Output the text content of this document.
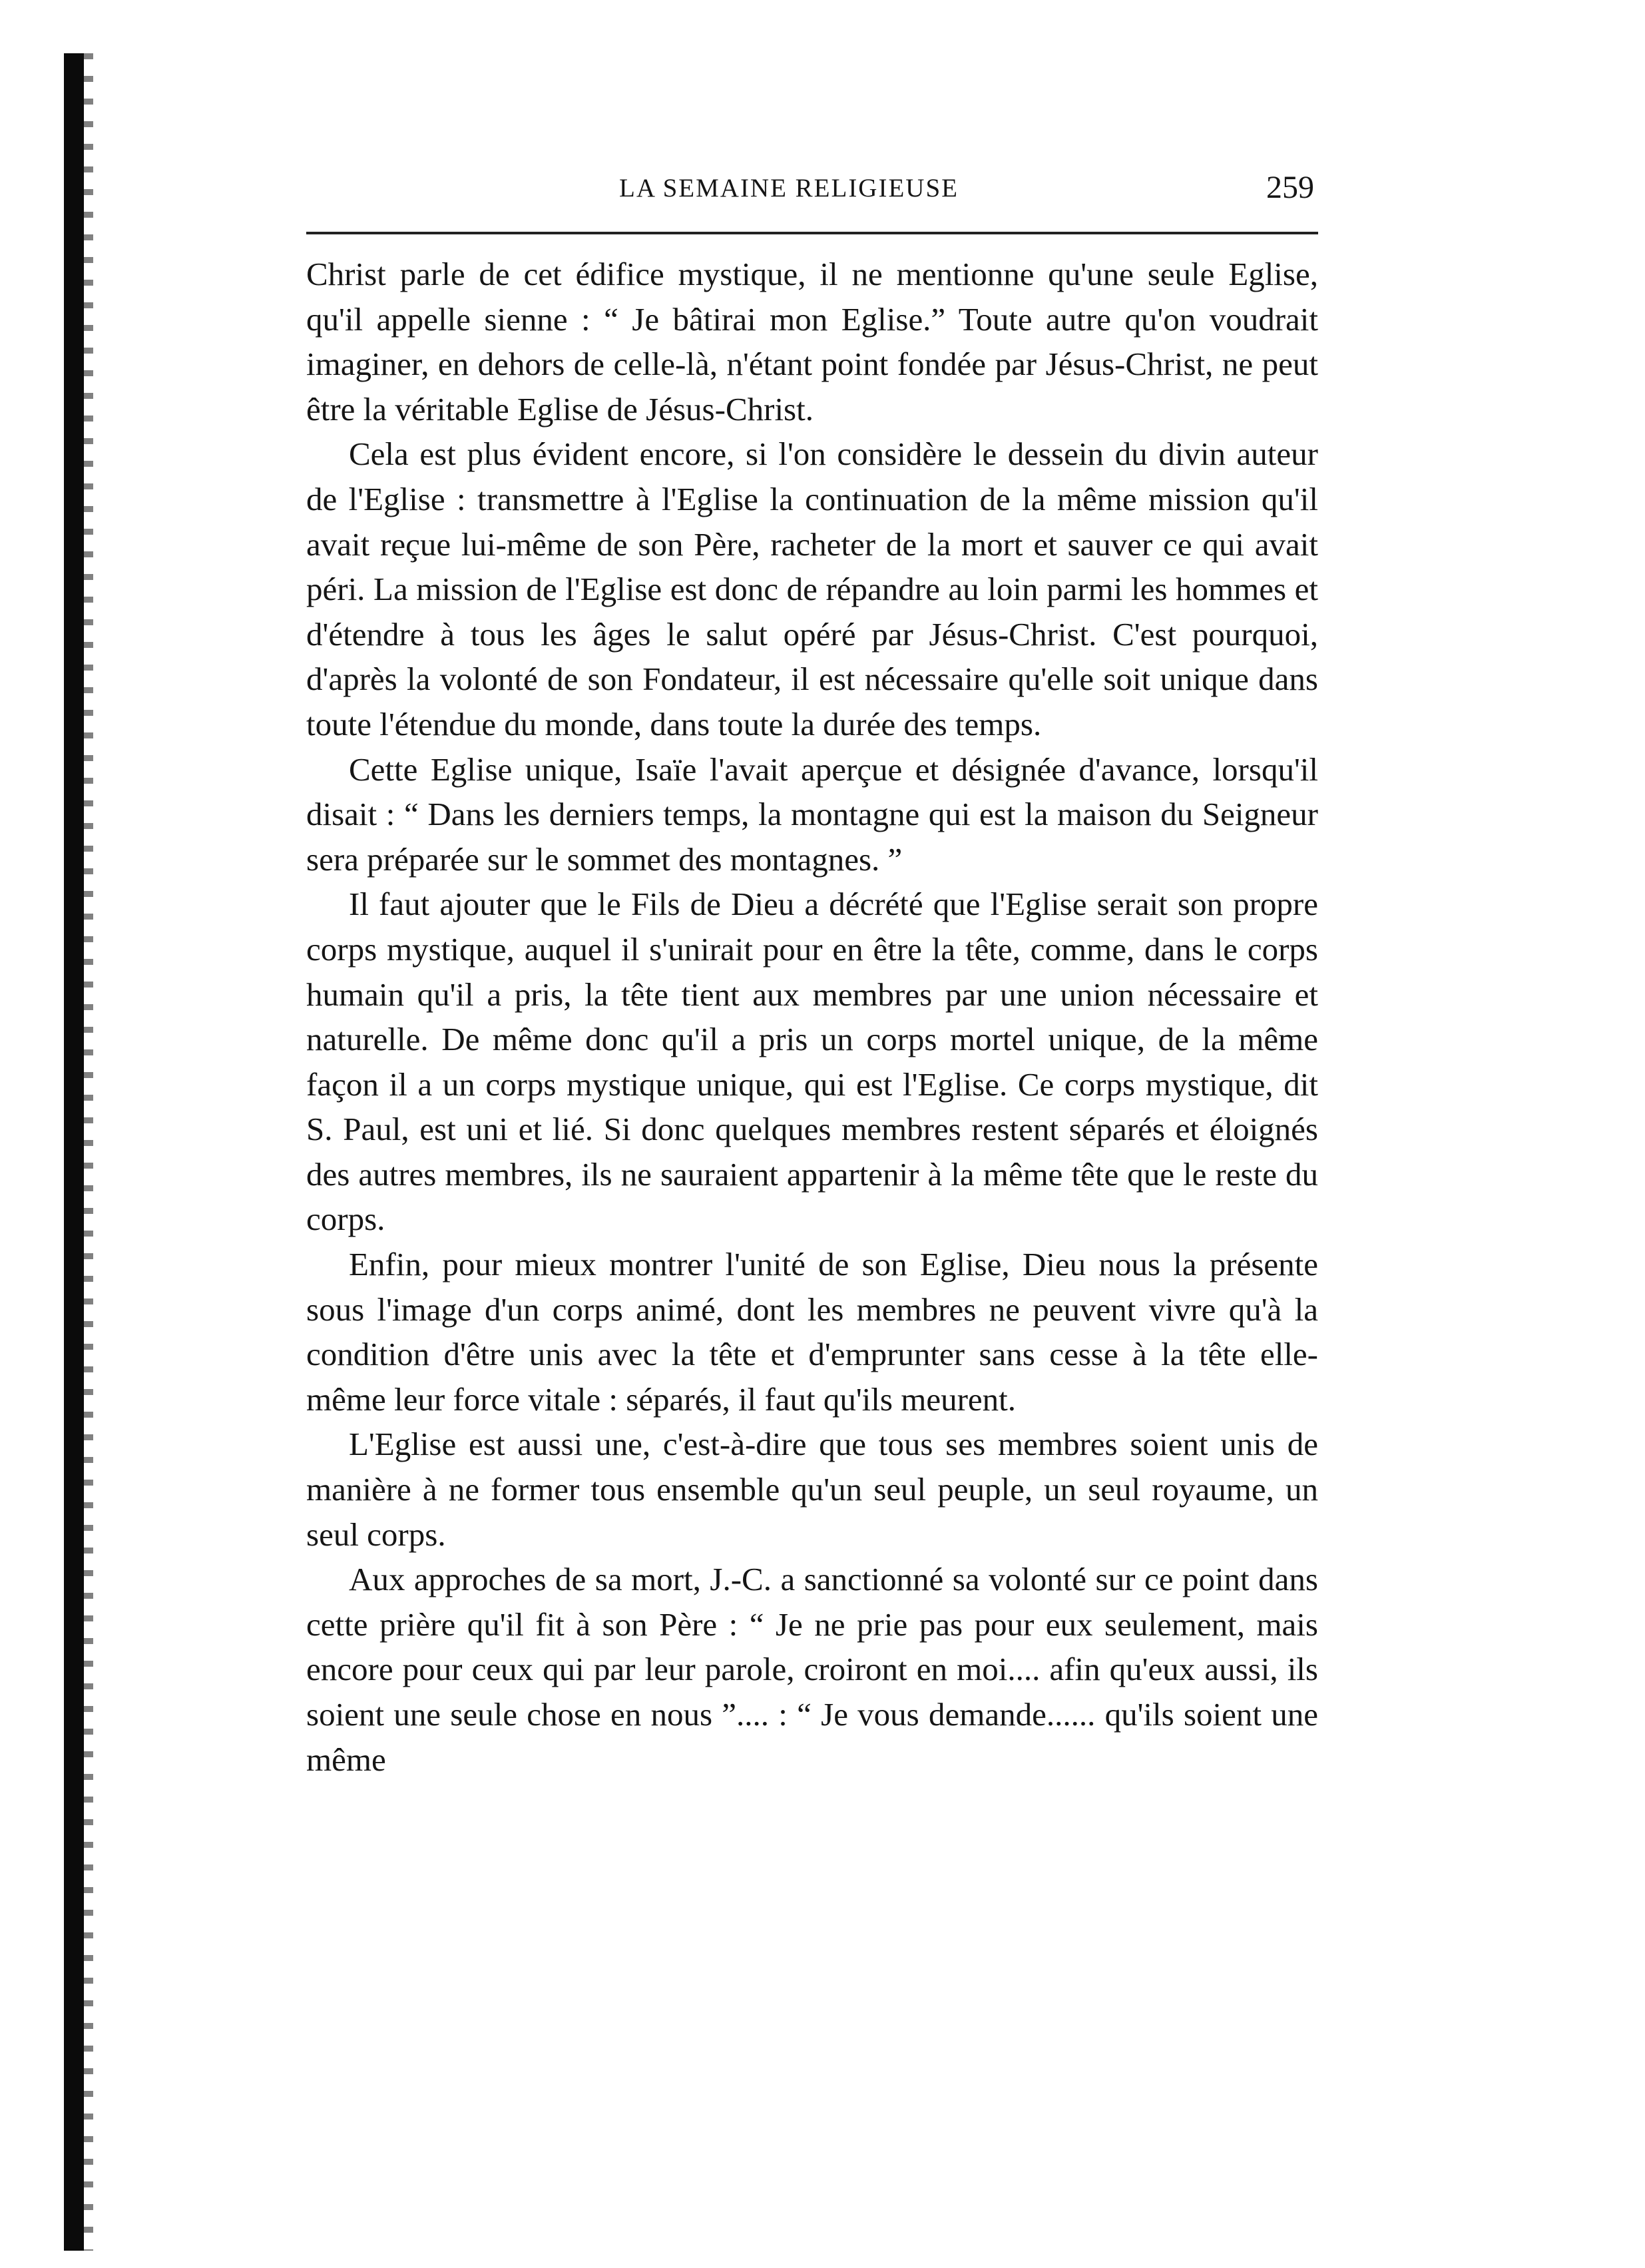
LA SEMAINE RELIGIEUSE	259

Christ parle de cet édifice mystique, il ne mentionne qu'une seule Eglise, qu'il appelle sienne : “ Je bâtirai mon Eglise.” Toute autre qu'on voudrait imaginer, en dehors de celle-là, n'étant point fondée par Jésus-Christ, ne peut être la véritable Eglise de Jésus-Christ.

Cela est plus évident encore, si l'on considère le dessein du divin auteur de l'Eglise : transmettre à l'Eglise la continuation de la même mission qu'il avait reçue lui-même de son Père, racheter de la mort et sauver ce qui avait péri. La mission de l'Eglise est donc de répandre au loin parmi les hommes et d'étendre à tous les âges le salut opéré par Jésus-Christ. C'est pourquoi, d'après la volonté de son Fondateur, il est nécessaire qu'elle soit unique dans toute l'étendue du monde, dans toute la durée des temps.

Cette Eglise unique, Isaïe l'avait aperçue et désignée d'avance, lorsqu'il disait : “ Dans les derniers temps, la montagne qui est la maison du Seigneur sera préparée sur le sommet des montagnes. ”

Il faut ajouter que le Fils de Dieu a décrété que l'Eglise serait son propre corps mystique, auquel il s'unirait pour en être la tête, comme, dans le corps humain qu'il a pris, la tête tient aux membres par une union nécessaire et naturelle. De même donc qu'il a pris un corps mortel unique, de la même façon il a un corps mystique unique, qui est l'Eglise. Ce corps mystique, dit S. Paul, est uni et lié. Si donc quelques membres restent séparés et éloignés des autres membres, ils ne sauraient appartenir à la même tête que le reste du corps.

Enfin, pour mieux montrer l'unité de son Eglise, Dieu nous la présente sous l'image d'un corps animé, dont les membres ne peuvent vivre qu'à la condition d'être unis avec la tête et d'emprunter sans cesse à la tête elle-même leur force vitale : séparés, il faut qu'ils meurent.

L'Eglise est aussi une, c'est-à-dire que tous ses membres soient unis de manière à ne former tous ensemble qu'un seul peuple, un seul royaume, un seul corps.

Aux approches de sa mort, J.-C. a sanctionné sa volonté sur ce point dans cette prière qu'il fit à son Père : “ Je ne prie pas pour eux seulement, mais encore pour ceux qui par leur parole, croiront en moi.... afin qu'eux aussi, ils soient une seule chose en nous ”.... : “ Je vous demande...... qu'ils soient une même
